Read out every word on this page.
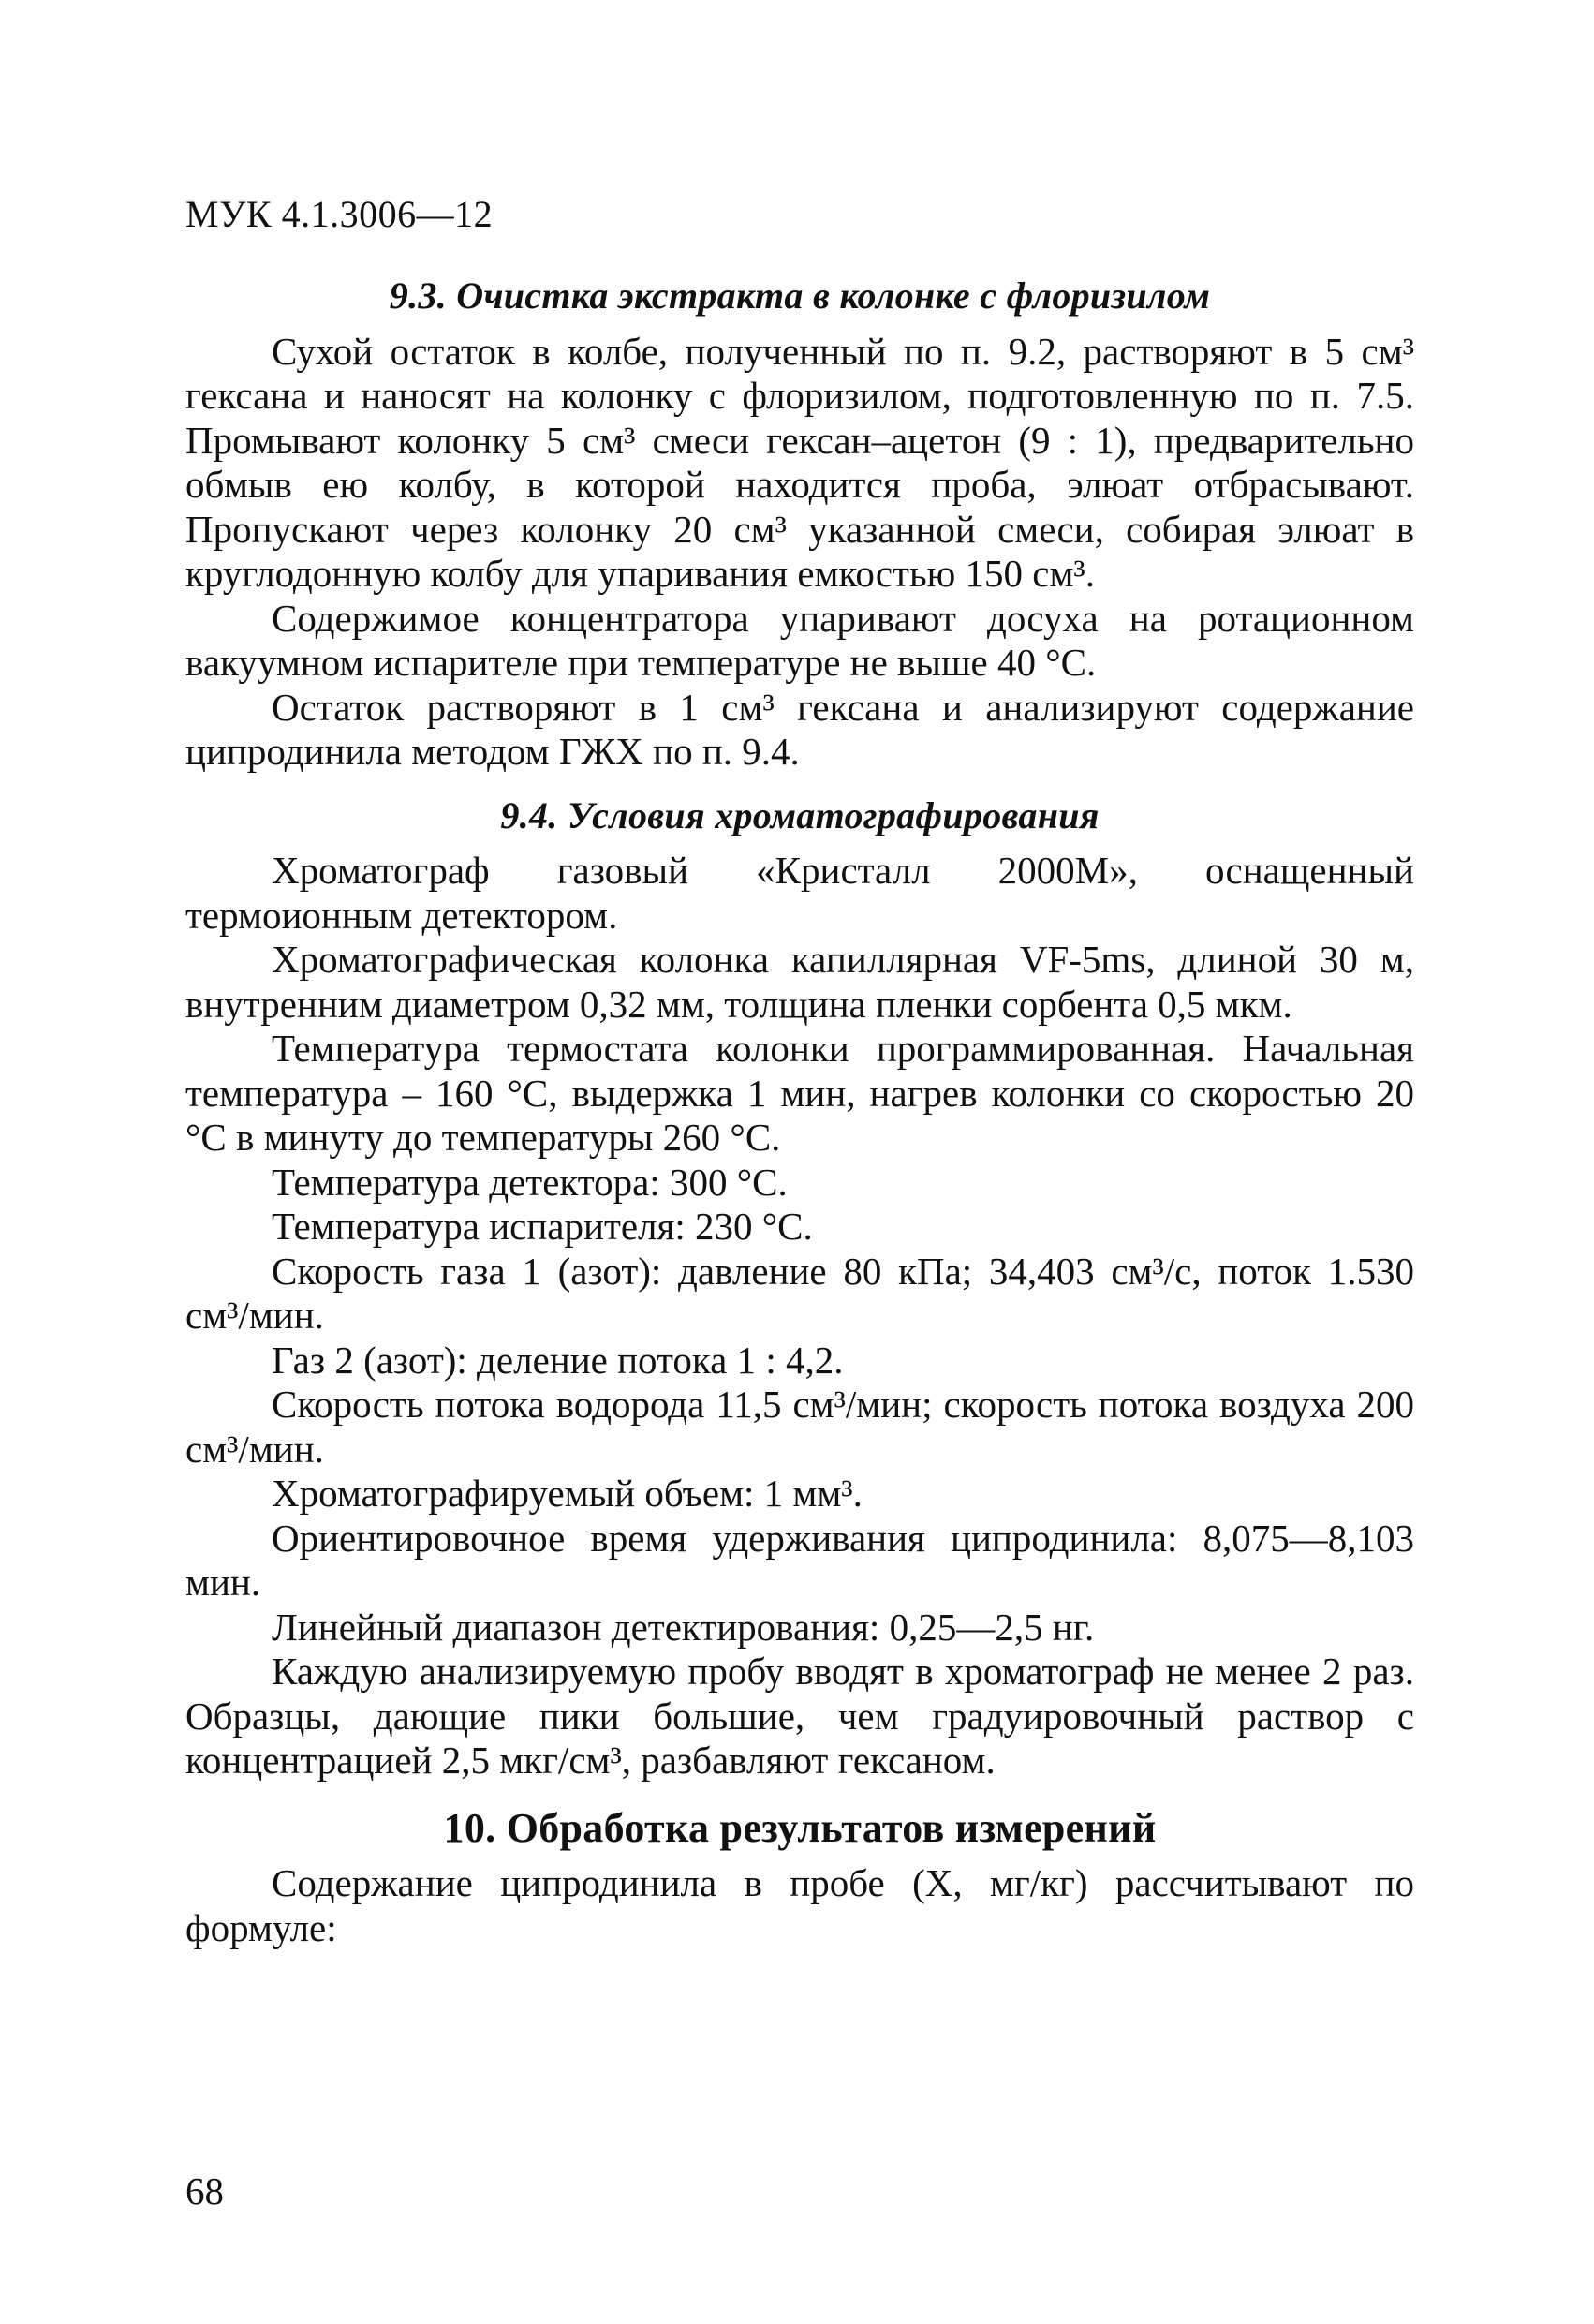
МУК 4.1.3006—12
9.3. Очистка экстракта в колонке с флоризилом

Сухой остаток в колбе, полученный по п. 9.2, растворяют в 5 см³ гексана и наносят на колонку с флоризилом, подготовленную по п. 7.5. Промывают колонку 5 см³ смеси гексан–ацетон (9 : 1), предварительно обмыв ею колбу, в которой находится проба, элюат отбрасывают. Пропускают через колонку 20 см³ указанной смеси, собирая элюат в круглодонную колбу для упаривания емкостью 150 см³.

Содержимое концентратора упаривают досуха на ротационном вакуумном испарителе при температуре не выше 40 °С.

Остаток растворяют в 1 см³ гексана и анализируют содержание ципродинила методом ГЖХ по п. 9.4.

9.4. Условия хроматографирования

Хроматограф газовый «Кристалл 2000М», оснащенный термоионным детектором.

Хроматографическая колонка капиллярная VF-5ms, длиной 30 м, внутренним диаметром 0,32 мм, толщина пленки сорбента 0,5 мкм.

Температура термостата колонки программированная. Начальная температура – 160 °С, выдержка 1 мин, нагрев колонки со скоростью 20 °С в минуту до температуры 260 °С.

Температура детектора: 300 °С.

Температура испарителя: 230 °С.

Скорость газа 1 (азот): давление 80 кПа; 34,403 см³/с, поток 1.530 см³/мин.

Газ 2 (азот): деление потока 1 : 4,2.

Скорость потока водорода 11,5 см³/мин; скорость потока воздуха 200 см³/мин.

Хроматографируемый объем: 1 мм³.

Ориентировочное время удерживания ципродинила: 8,075—8,103 мин.

Линейный диапазон детектирования: 0,25—2,5 нг.

Каждую анализируемую пробу вводят в хроматограф не менее 2 раз. Образцы, дающие пики большие, чем градуировочный раствор с концентрацией 2,5 мкг/см³, разбавляют гексаном.

10. Обработка результатов измерений

Содержание ципродинила в пробе (X, мг/кг) рассчитывают по формуле:

68
